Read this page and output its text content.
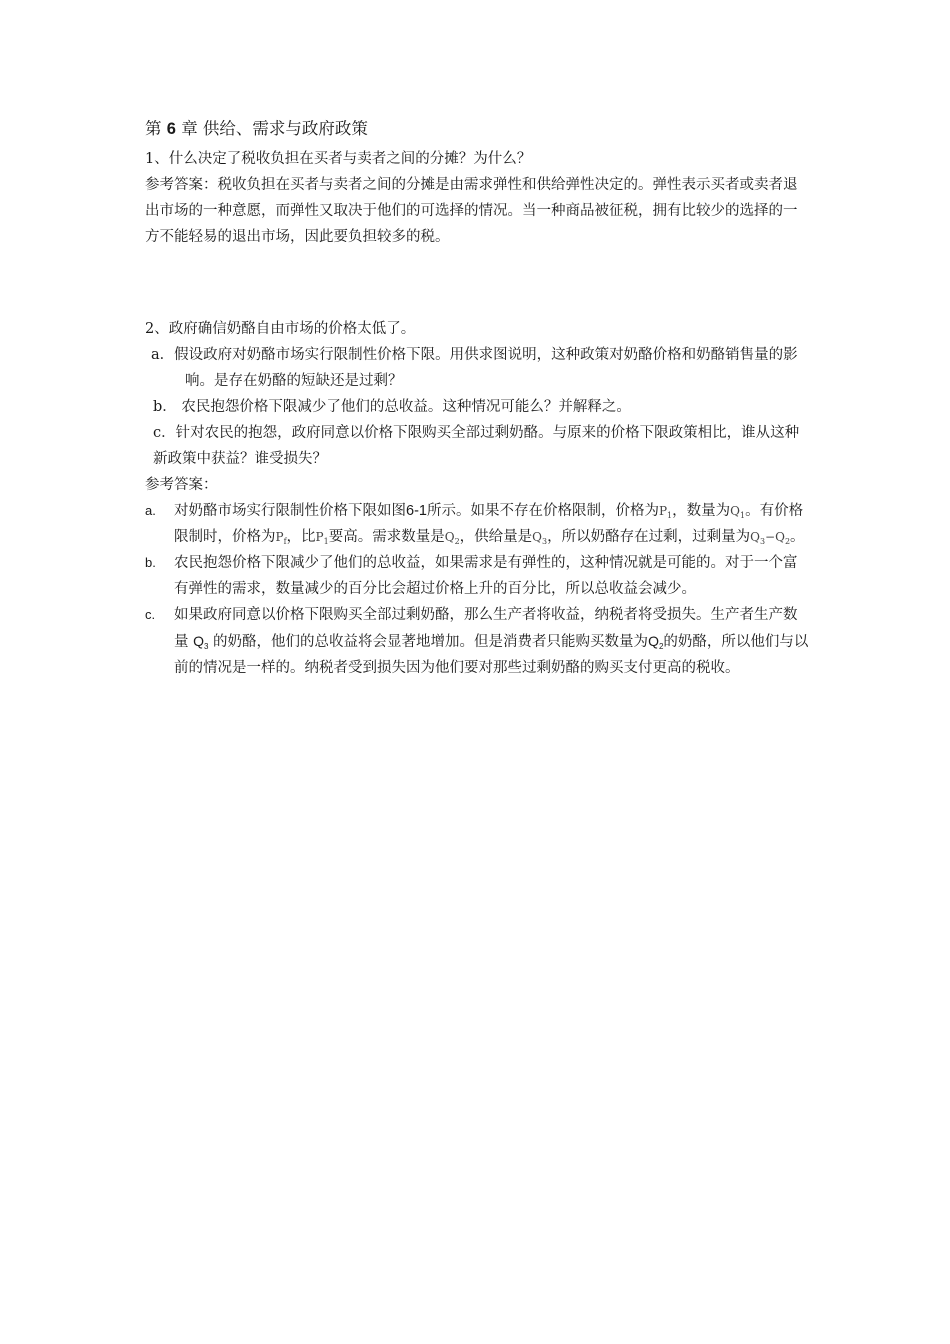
第 6 章 供给、需求与政府政策

1、什么决定了税收负担在买者与卖者之间的分摊？为什么？

参考答案：税收负担在买者与卖者之间的分摊是由需求弹性和供给弹性决定的。弹性表示买者或卖者退出市场的一种意愿，而弹性又取决于他们的可选择的情况。当一种商品被征税，拥有比较少的选择的一方不能轻易的退出市场，因此要负担较多的税。

2、政府确信奶酪自由市场的价格太低了。

a．假设政府对奶酪市场实行限制性价格下限。用供求图说明，这种政策对奶酪价格和奶酪销售量的影响。是存在奶酪的短缺还是过剩？

b． 农民抱怨价格下限减少了他们的总收益。这种情况可能么？并解释之。

c．针对农民的抱怨，政府同意以价格下限购买全部过剩奶酪。与原来的价格下限政策相比，谁从这种新政策中获益？谁受损失？

参考答案：

a. 对奶酪市场实行限制性价格下限如图6-1所示。如果不存在价格限制，价格为$P_1$，数量为$Q_1$。有价格限制时，价格为$P_f$，比$P_1$要高。需求数量是$Q_2$，供给量是$Q_3$，所以奶酪存在过剩，过剩量为$Q_3-Q_2$。
b. 农民抱怨价格下限减少了他们的总收益，如果需求是有弹性的，这种情况就是可能的。对于一个富有弹性的需求，数量减少的百分比会超过价格上升的百分比，所以总收益会减少。
c. 如果政府同意以价格下限购买全部过剩奶酪，那么生产者将收益，纳税者将受损失。生产者生产数量 $Q_3$ 的奶酪，他们的总收益将会显著地增加。但是消费者只能购买数量为$Q_2$的奶酪，所以他们与以前的情况是一样的。纳税者受到损失因为他们要对那些过剩奶酪的购买支付更高的税收。
